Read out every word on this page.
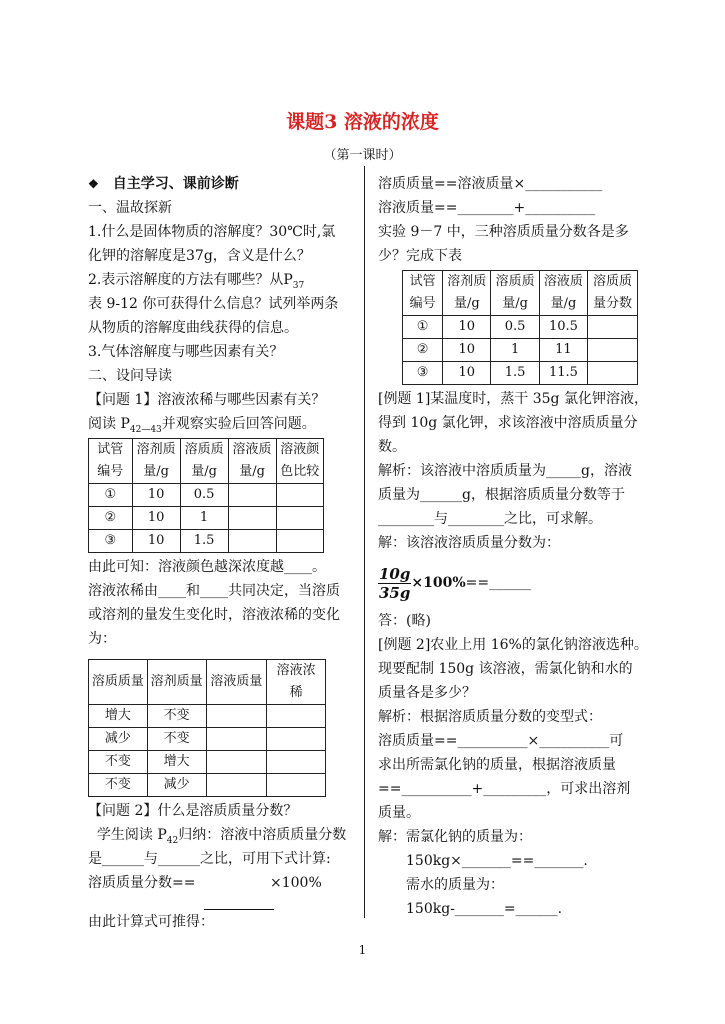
课题3 溶液的浓度
（第一课时）
❖ 自主学习、课前诊断
一、温故探新
1.什么是固体物质的溶解度？30℃时,氯
化钾的溶解度是37g，含义是什么？
2.表示溶解度的方法有哪些？从$P_{37}$
表 9-12 你可获得什么信息？试列举两条
从物质的溶解度曲线获得的信息。
3.气体溶解度与哪些因素有关？
二、设问导读
【问题 1】溶液浓稀与哪些因素有关？
阅读 $P_{42—43}$并观察实验后回答问题。
试管
编号	溶剂质
量/g	溶质质
量/g	溶液质
量/g	溶液颜
色比较
①	10	0.5		
②	10	1		
③	10	1.5		
由此可知：溶液颜色越深浓度越____。
溶液浓稀由____和____共同决定，当溶质
或溶剂的量发生变化时，溶液浓稀的变化
为：
溶质质量	溶剂质量	溶液质量	溶液浓
稀
增大	不变		
减少	不变		
不变	增大		
不变	减少		
【问题 2】什么是溶质质量分数？
学生阅读 $P_{42}$归纳：溶液中溶质质量分数
是______与______之比，可用下式计算:
溶质质量分数==	×100%
由此计算式可推得：
溶质质量==溶液质量×___________
溶液质量==________+__________
实验 9－7 中，三种溶质质量分数各是多
少？完成下表
试管
编号	溶剂质
量/g	溶质质
量/g	溶液质
量/g	溶质质
量分数
①	10	0.5	10.5	
②	10	1	11	
③	10	1.5	11.5	
[例题 1]某温度时，蒸干 35g 氯化钾溶液，
得到 10g 氯化钾，求该溶液中溶质质量分
数。
解析：该溶液中溶质质量为_____g，溶液
质量为______g，根据溶质质量分数等于
________与________之比，可求解。
解：该溶液溶质质量分数为：
$\frac{10g}{35g} \times 100\%$ ==______
答：(略)
[例题 2]农业上用 16%的氯化钠溶液选种。
现要配制 150g 该溶液，需氯化钠和水的
质量各是多少？
解析：根据溶质质量分数的变型式：
溶质质量==__________×__________可
求出所需氯化钠的质量，根据溶液质量
==__________+_________，可求出溶剂
质量。
解：需氯化钠的质量为：
150kg×_______==_______.
需水的质量为：
150kg-_______=______.
1
